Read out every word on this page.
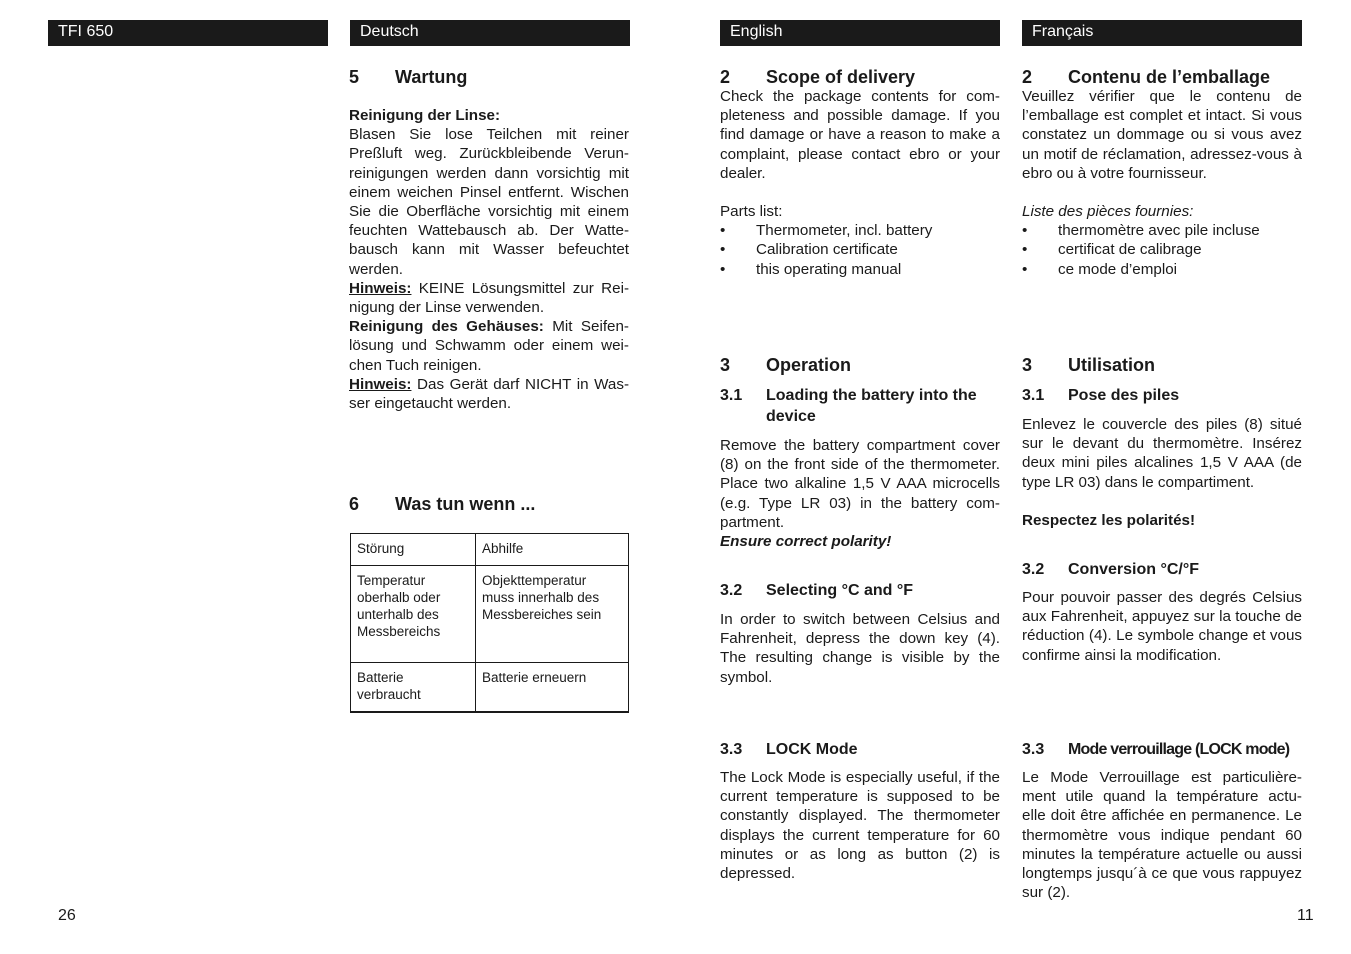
TFI 650	Deutsch	English	Français
5 Wartung
Reinigung der Linse:
Blasen Sie lose Teilchen mit reiner Preßluft weg. Zurückbleibende Verun- reinigungen werden dann vorsichtig mit einem weichen Pinsel entfernt. Wischen Sie die Oberfläche vorsichtig mit einem feuchten Wattebausch ab. Der Watte- bausch kann mit Wasser befeuchtet werden.
Hinweis: KEINE Lösungsmittel zur Rei- nigung der Linse verwenden.
Reinigung des Gehäuses: Mit Seifen- lösung und Schwamm oder einem wei- chen Tuch reinigen.
Hinweis: Das Gerät darf NICHT in Was- ser eingetaucht werden.
6 Was tun wenn ...
Störung	Abhilfe
Temperatur oberhalb oder unterhalb des Messbereichs	Objekttemperatur muss innerhalb des Messbereiches sein
Batterie verbraucht	Batterie erneuern
2 Scope of delivery
Check the package contents for com- pleteness and possible damage. If you find damage or have a reason to make a complaint, please contact ebro or your dealer.
Parts list:
•	Thermometer, incl. battery
•	Calibration certificate
•	this operating manual
3 Operation
3.1 Loading the battery into the device
Remove the battery compartment cover (8) on the front side of the thermometer. Place two alkaline 1,5 V AAA microcells (e.g. Type LR 03) in the battery com- partment.
Ensure correct polarity!
3.2 Selecting °C and °F
In order to switch between Celsius and Fahrenheit, depress the down key (4). The resulting change is visible by the symbol.
3.3 LOCK Mode
The Lock Mode is especially useful, if the current temperature is supposed to be constantly displayed. The thermometer displays the current temperature for 60 minutes or as long as button (2) is depressed.
2 Contenu de l’emballage
Veuillez vérifier que le contenu de l’emballage est complet et intact. Si vous constatez un dommage ou si vous avez un motif de réclamation, adressez-vous à ebro ou à votre fournisseur.
Liste des pièces fournies:
•	thermomètre avec pile incluse
•	certificat de calibrage
•	ce mode d’emploi
3 Utilisation
3.1 Pose des piles
Enlevez le couvercle des piles (8) situé sur le devant du thermomètre. Insérez deux mini piles alcalines 1,5 V AAA (de type LR 03) dans le compartiment.
Respectez les polarités!
3.2 Conversion °C/°F
Pour pouvoir passer des degrés Celsius aux Fahrenheit, appuyez sur la touche de réduction (4). Le symbole change et vous confirme ainsi la modification.
3.3 Mode verrouillage (LOCK mode)
Le Mode Verrouillage est particulière- ment utile quand la température actu- elle doit être affichée en permanence. Le thermomètre vous indique pendant 60 minutes la température actuelle ou aussi longtemps jusqu´à ce que vous rappuyez sur (2).
26	11
